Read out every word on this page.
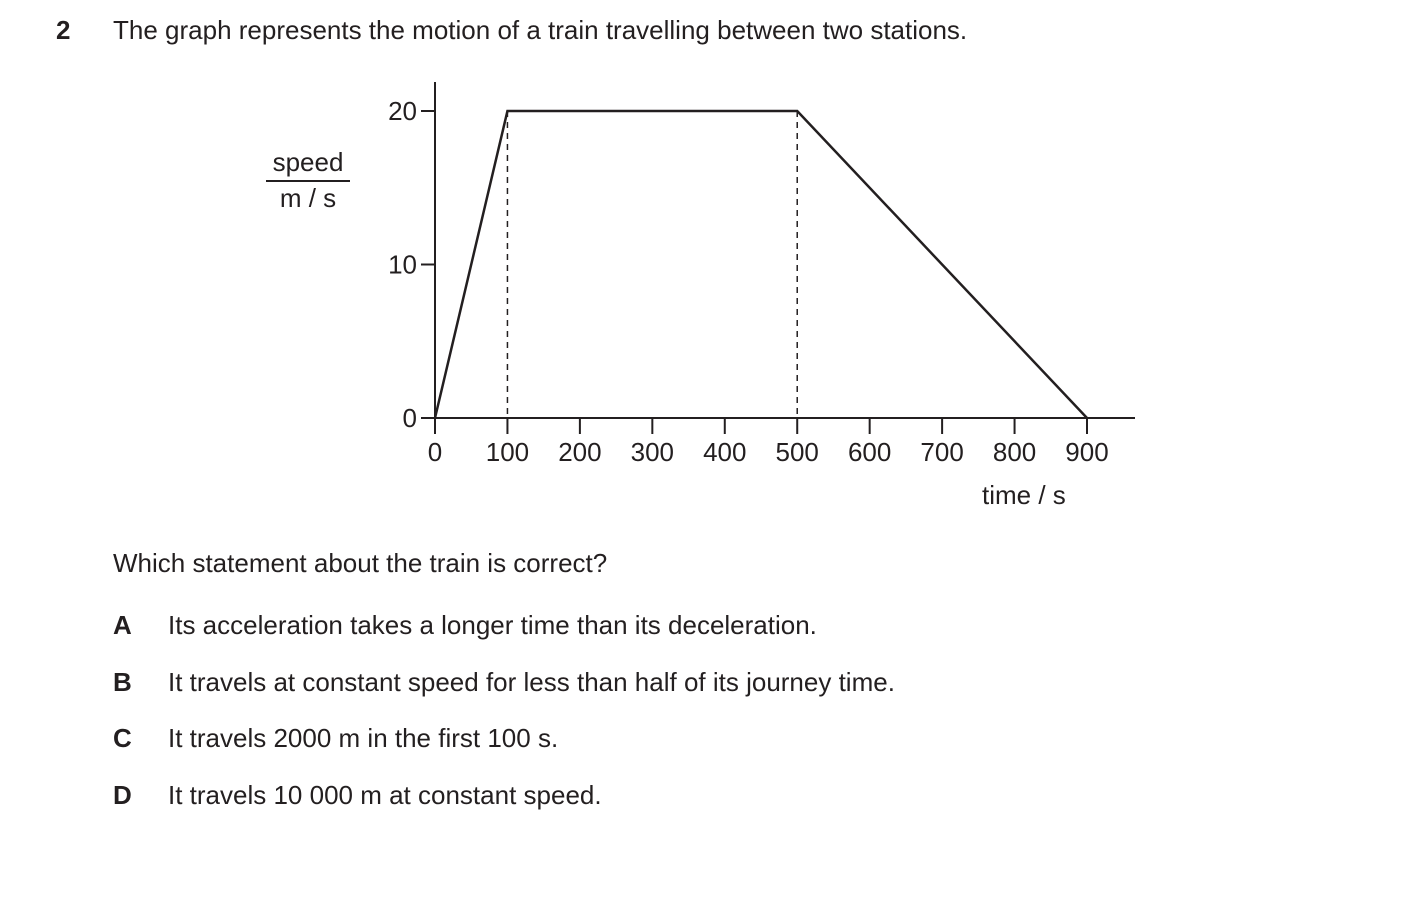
2 The graph represents the motion of a train travelling between two stations.
speed
m / s
0
10
20
0 100 200 300 400 500 600 700 800 900
time / s
Which statement about the train is correct?
A Its acceleration takes a longer time than its deceleration.
B It travels at constant speed for less than half of its journey time.
C It travels 2000 m in the first 100 s.
D It travels 10 000 m at constant speed.
